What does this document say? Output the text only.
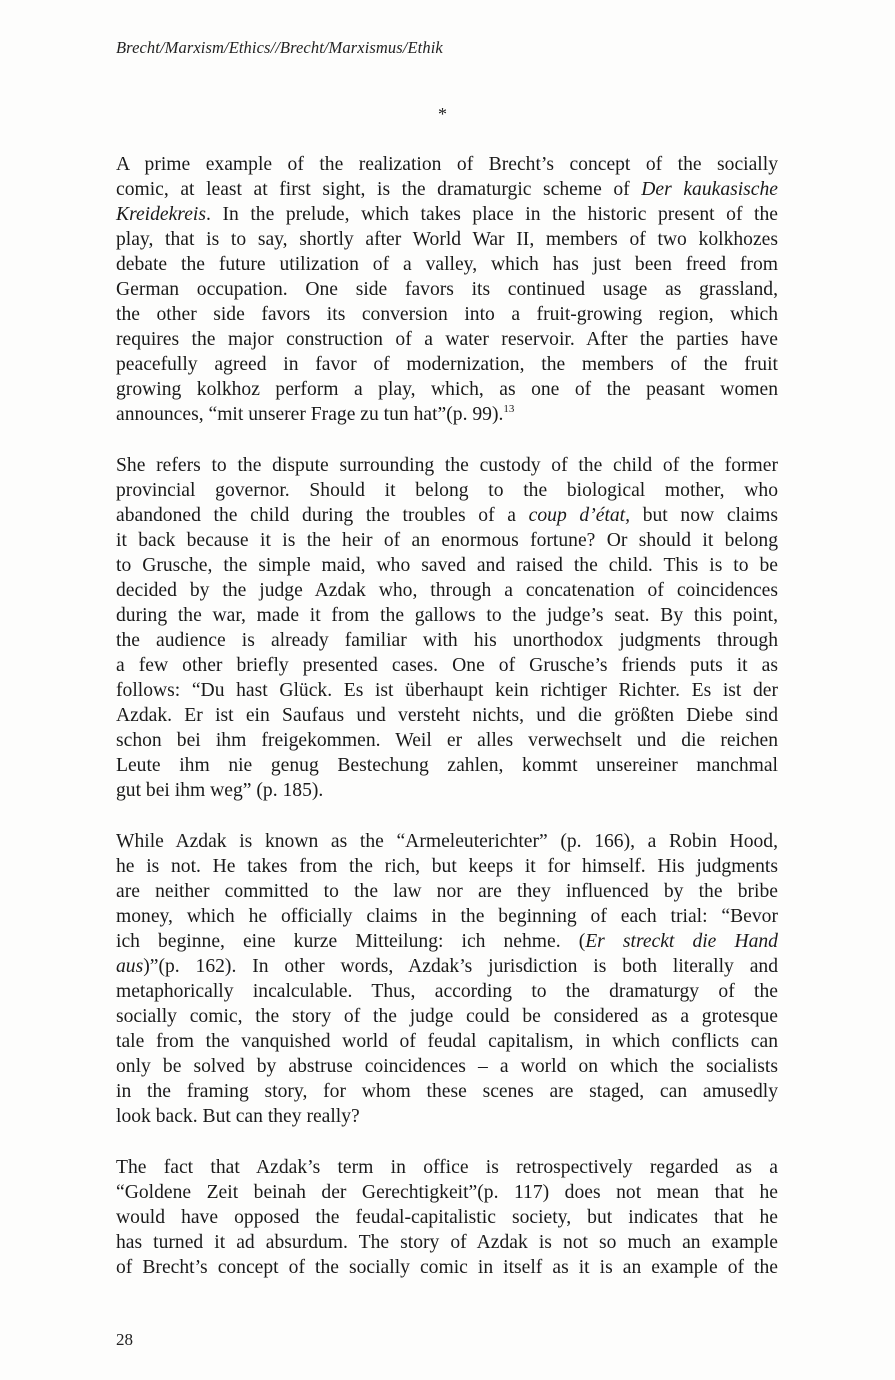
Brecht/Marxism/Ethics//Brecht/Marxismus/Ethik
*

A prime example of the realization of Brecht’s concept of the socially
comic, at least at first sight, is the dramaturgic scheme of Der kaukasische
Kreidekreis. In the prelude, which takes place in the historic present of the
play, that is to say, shortly after World War II, members of two kolkhozes
debate the future utilization of a valley, which has just been freed from
German occupation. One side favors its continued usage as grassland,
the other side favors its conversion into a fruit-growing region, which
requires the major construction of a water reservoir. After the parties have
peacefully agreed in favor of modernization, the members of the fruit
growing kolkhoz perform a play, which, as one of the peasant women
announces, “mit unserer Frage zu tun hat”(p. 99).$^{13}$

She refers to the dispute surrounding the custody of the child of the former
provincial governor. Should it belong to the biological mother, who
abandoned the child during the troubles of a coup d’état, but now claims
it back because it is the heir of an enormous fortune? Or should it belong
to Grusche, the simple maid, who saved and raised the child. This is to be
decided by the judge Azdak who, through a concatenation of coincidences
during the war, made it from the gallows to the judge’s seat. By this point,
the audience is already familiar with his unorthodox judgments through
a few other briefly presented cases. One of Grusche’s friends puts it as
follows: “Du hast Glück. Es ist überhaupt kein richtiger Richter. Es ist der
Azdak. Er ist ein Saufaus und versteht nichts, und die größten Diebe sind
schon bei ihm freigekommen. Weil er alles verwechselt und die reichen
Leute ihm nie genug Bestechung zahlen, kommt unsereiner manchmal
gut bei ihm weg” (p. 185).

While Azdak is known as the “Armeleuterichter” (p. 166), a Robin Hood,
he is not. He takes from the rich, but keeps it for himself. His judgments
are neither committed to the law nor are they influenced by the bribe
money, which he officially claims in the beginning of each trial: “Bevor
ich beginne, eine kurze Mitteilung: ich nehme. (Er streckt die Hand
aus)”(p. 162). In other words, Azdak’s jurisdiction is both literally and
metaphorically incalculable. Thus, according to the dramaturgy of the
socially comic, the story of the judge could be considered as a grotesque
tale from the vanquished world of feudal capitalism, in which conflicts can
only be solved by abstruse coincidences – a world on which the socialists
in the framing story, for whom these scenes are staged, can amusedly
look back. But can they really?

The fact that Azdak’s term in office is retrospectively regarded as a
“Goldene Zeit beinah der Gerechtigkeit”(p. 117) does not mean that he
would have opposed the feudal-capitalistic society, but indicates that he
has turned it ad absurdum. The story of Azdak is not so much an example
of Brecht’s concept of the socially comic in itself as it is an example of the

28
